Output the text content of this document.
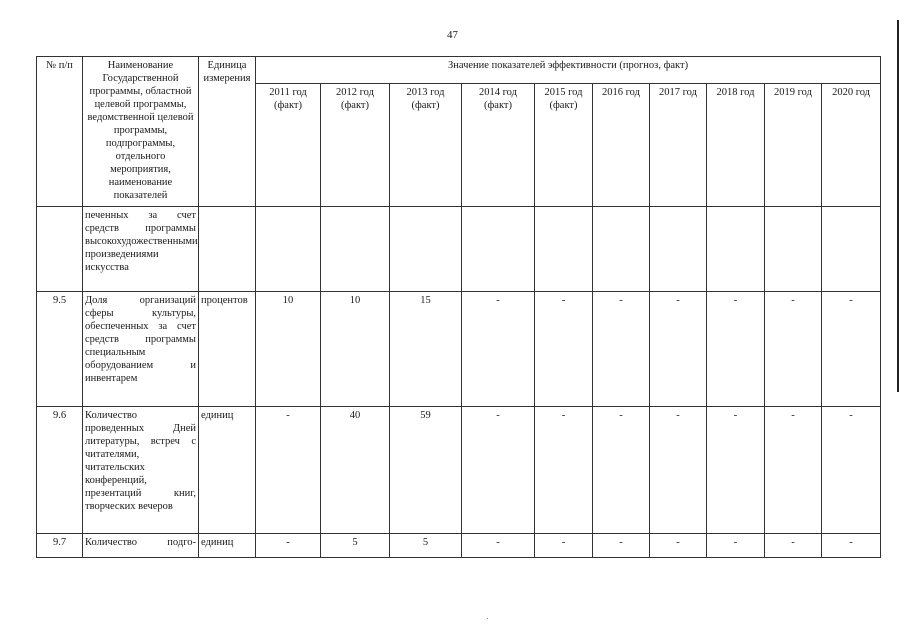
47
№ п/п	Наименование Государственной программы, областной целевой программы, ведомственной целевой программы, подпрограммы, отдельного мероприятия, наименование показателей	Единица измерения	Значение показателей эффективности (прогноз, факт)									
			2011 год (факт)	2012 год (факт)	2013 год (факт)	2014 год (факт)	2015 год (факт)	2016 год	2017 год	2018 год	2019 год	2020 год
	печенных за счет средств программы высокохудожественными произведениями искусства											
9.5	Доля организаций сферы культуры, обеспеченных за счет средств программы специальным оборудованием и инвентарем	процентов	10	10	15	-	-	-	-	-	-	-
9.6	Количество проведенных Дней литературы, встреч с читателями, читательских конференций, презентаций книг, творческих вечеров	единиц	-	40	59	-	-	-	-	-	-	-
9.7	Количество подго-	единиц	-	5	5	-	-	-	-	-	-	-
